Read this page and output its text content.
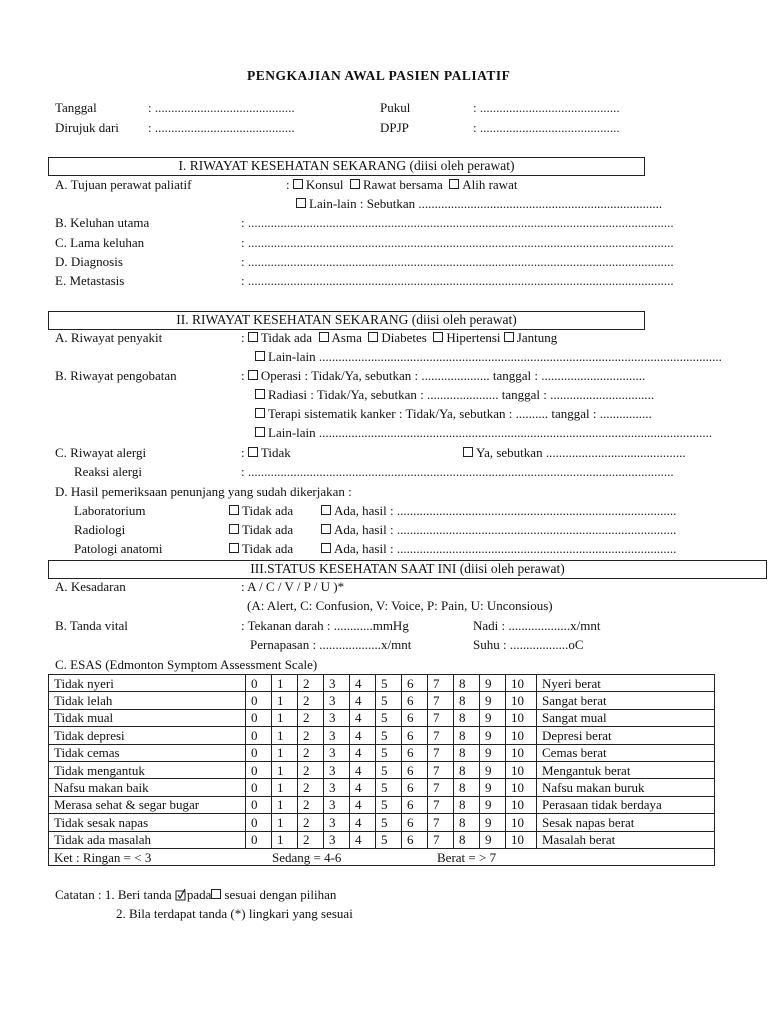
PENGKAJIAN AWAL PASIEN PALIATIF
Tanggal	: ...........................................	Pukul	: ...........................................
Dirujuk dari : ...........................................	DPJP	: ...........................................
I. RIWAYAT KESEHATAN SEKARANG (diisi oleh perawat)
A. Tujuan perawat paliatif	: Konsul Rawat bersama Alih rawat
Lain-lain : Sebutkan ...........................................................................
B. Keluhan utama	: ...................................................................................................................................
C. Lama keluhan	: ...................................................................................................................................
D. Diagnosis	: ...................................................................................................................................
E. Metastasis	: ...................................................................................................................................
II. RIWAYAT KESEHATAN SEKARANG (diisi oleh perawat)
A. Riwayat penyakit	: Tidak ada Asma Diabetes Hipertensi Jantung
Lain-lain ............................................................................................................................
B. Riwayat pengobatan	: Operasi : Tidak/Ya, sebutkan : ..................... tanggal : ................................
Radiasi : Tidak/Ya, sebutkan : ...................... tanggal : ................................
Terapi sistematik kanker : Tidak/Ya, sebutkan : .......... tanggal : ................
Lain-lain .........................................................................................................................
C. Riwayat alergi	: Tidak	Ya, sebutkan ...........................................
Reaksi alergi	: ...................................................................................................................................
D. Hasil pemeriksaan penunjang yang sudah dikerjakan :
Laboratorium	Tidak ada	Ada, hasil : ......................................................................................
Radiologi	Tidak ada	Ada, hasil : ......................................................................................
Patologi anatomi	Tidak ada	Ada, hasil : ......................................................................................
III.STATUS KESEHATAN SAAT INI (diisi oleh perawat)
A. Kesadaran	: A / C / V / P / U )*
(A: Alert, C: Confusion, V: Voice, P: Pain, U: Unconsious)
B. Tanda vital	: Tekanan darah : ............mmHg	Nadi : ...................x/mnt
Pernapasan : ...................x/mnt	Suhu : ..................oC
C. ESAS (Edmonton Symptom Assessment Scale)
Tidak nyeri	0	1	2	3	4	5	6	7	8	9	10	Nyeri berat
Tidak lelah	0	1	2	3	4	5	6	7	8	9	10	Sangat berat
Tidak mual	0	1	2	3	4	5	6	7	8	9	10	Sangat mual
Tidak depresi	0	1	2	3	4	5	6	7	8	9	10	Depresi berat
Tidak cemas	0	1	2	3	4	5	6	7	8	9	10	Cemas berat
Tidak mengantuk	0	1	2	3	4	5	6	7	8	9	10	Mengantuk berat
Nafsu makan baik	0	1	2	3	4	5	6	7	8	9	10	Nafsu makan buruk
Merasa sehat & segar bugar	0	1	2	3	4	5	6	7	8	9	10	Perasaan tidak berdaya
Tidak sesak napas	0	1	2	3	4	5	6	7	8	9	10	Sesak napas berat
Tidak ada masalah	0	1	2	3	4	5	6	7	8	9	10	Masalah berat
Ket : Ringan = < 3 Sedang = 4-6 Berat = > 7												
Catatan : 1. Beri tanda pada sesuai dengan pilihan
2. Bila terdapat tanda (*) lingkari yang sesuai
